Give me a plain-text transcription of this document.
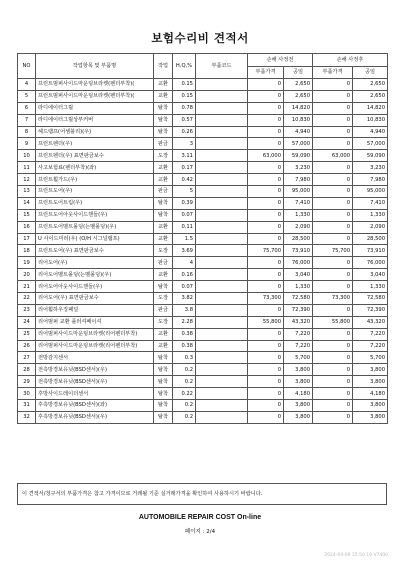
보험수리비 견적서
NO	작업항목 및 부품명	작업	H,Q,%	부품코드	손해 사정전		손해 사정후	
					부품가격	공임	부품가격	공임
4	프런트범퍼사이드마운팅브라켓(펜더부착)(	교환	0.15		0	2,650	0	2,650
5	프런트범퍼사이드마운팅브라켓(펜더부착)(	교환	0.15		0	2,650	0	2,650
6	라디에이터그릴	탈착	0.78		0	14,820	0	14,820
7	라디에이터그릴상부커버	탈착	0.57		0	10,830	0	10,830
8	헤드램프(어셈블리)(우)	탈착	0.26		0	4,940	0	4,940
9	프런트펜더(우)	판금	3		0	57,000	0	57,000
10	프런트펜더(우) 표면판금보수	도장	3.11		63,000	59,090	63,000	59,090
11	사고보험료(펜더부착)(좌)	교환	0.17		0	3,230	0	3,230
12	프런트휠가드(우)	교환	0.42		0	7,980	0	7,980
13	프런트도어(우)	판금	5		0	95,000	0	95,000
14	프런트도어트림(우)	탈착	0.39		0	7,410	0	7,410
15	프런트도어아웃사이드핸들(우)	탈착	0.07		0	1,330	0	1,330
16	프런트도어벨트몰딩(는벨몰딩)(우)	교환	0.11		0	2,090	0	2,090
17	U 사이드미러(우) (O/H 시그널램프)	교환	1.5		0	28,500	0	28,500
18	프런트도어(우) 표면판금보수	도장	3.69		75,700	73,910	75,700	73,910
19	리어도어(우)	판금	4		0	76,000	0	76,000
20	리어도어벨트몰딩(는벨몰딩)(우)	교환	0.16		0	3,040	0	3,040
21	리어도어아웃사이드핸들(우)	탈착	0.07		0	1,330	0	1,330
22	리어도어(우) 표면판금보수	도장	3.82		73,300	72,580	73,300	72,580
23	리어휠하우징패널	판금	3.8		0	72,390	0	72,390
24	리어범퍼 교환 플러셔페이셔	도장	2.28		55,800	43,320	55,800	43,320
25	리어범퍼사이드마운팅브라켓(리어펜더부착)	교환	0.38		0	7,220	0	7,220
26	리어범퍼사이드마운팅브라켓(리어펜더부착)	교환	0.38		0	7,220	0	7,220
27	전방감지센서	탈착	0.3		0	5,700	0	5,700
28	전측방경보유닛(BSD센서)(우)	탈착	0.2		0	3,800	0	3,800
29	전측방경보유닛(BSD센서)(우)	탈착	0.2		0	3,800	0	3,800
30	후방사이드레이더센서	탈착	0.22		0	4,180	0	4,180
31	후측방경보유닛(BSD센서)(좌)	탈착	0.2		0	3,800	0	3,800
32	후측방경보유닛(BSD센서)(우)	탈착	0.2		0	3,800	0	3,800
이 견적서/청구서의 부품가격은 참고 가격이므로 거래될 기준 실거래가격을 확인하여 사용하시기 바랍니다.
AUTOMOBILE REPAIR COST On-line
페이지 : 2/4
2024-04-09 15:50 19 V7400
